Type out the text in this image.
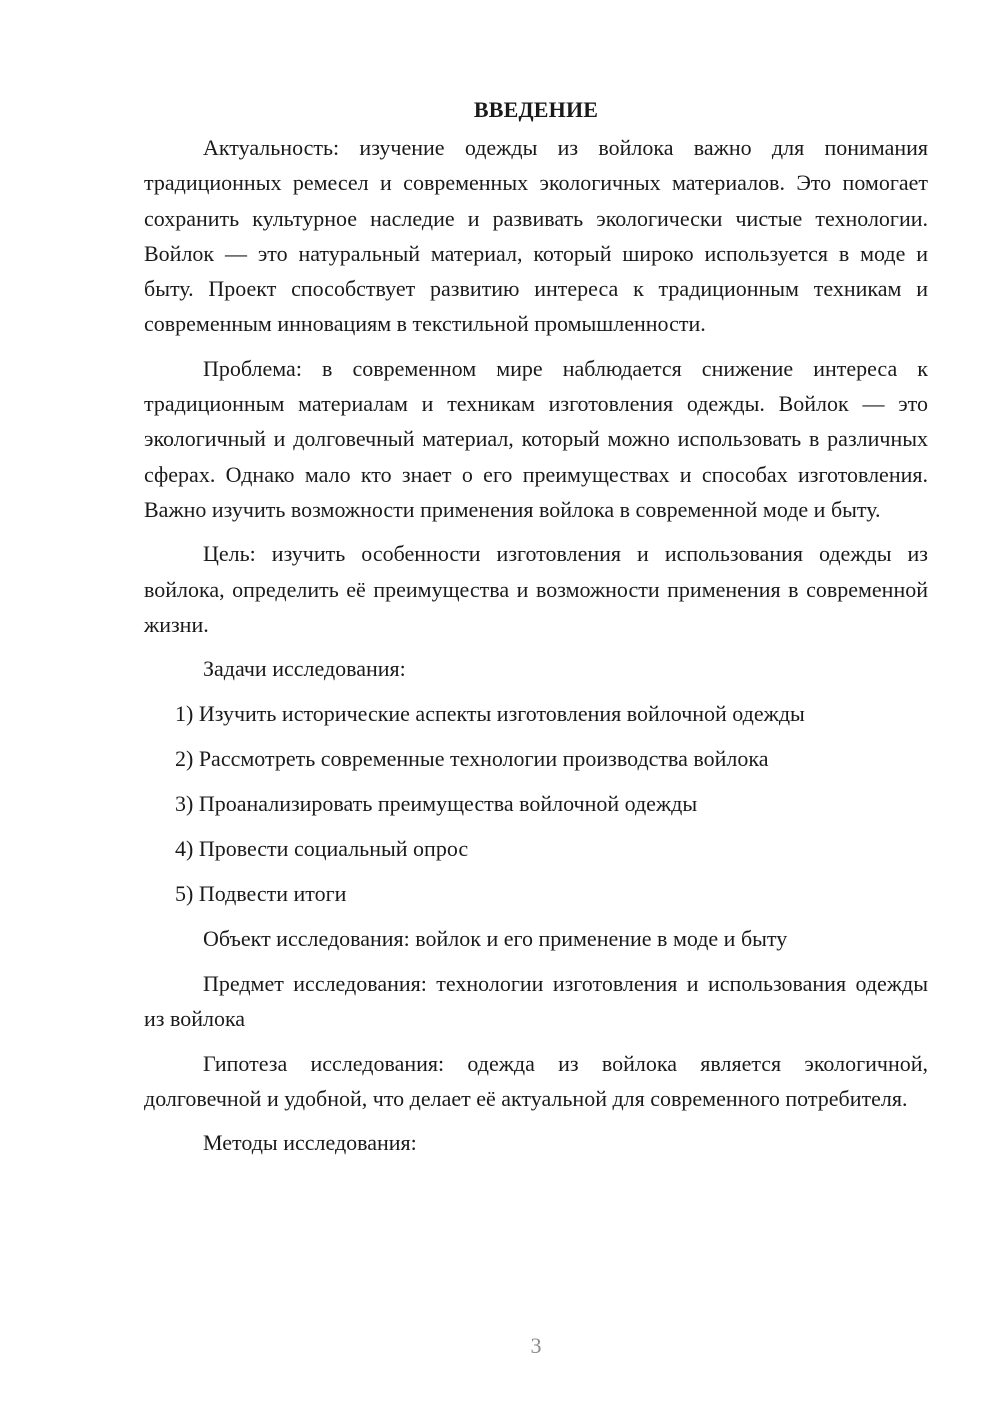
ВВЕДЕНИЕ

Актуальность: изучение одежды из войлока важно для понимания традиционных ремесел и современных экологичных материалов. Это помогает сохранить культурное наследие и развивать экологически чистые технологии. Войлок — это натуральный материал, который широко используется в моде и быту. Проект способствует развитию интереса к традиционным техникам и современным инновациям в текстильной промышленности.

Проблема: в современном мире наблюдается снижение интереса к традиционным материалам и техникам изготовления одежды. Войлок — это экологичный и долговечный материал, который можно использовать в различных сферах. Однако мало кто знает о его преимуществах и способах изготовления. Важно изучить возможности применения войлока в современной моде и быту.

Цель: изучить особенности изготовления и использования одежды из войлока, определить её преимущества и возможности применения в современной жизни.

Задачи исследования:

1) Изучить исторические аспекты изготовления войлочной одежды

2) Рассмотреть современные технологии производства войлока

3) Проанализировать преимущества войлочной одежды

4) Провести социальный опрос

5) Подвести итоги

Объект исследования: войлок и его применение в моде и быту

Предмет исследования: технологии изготовления и использования одежды из войлока

Гипотеза исследования: одежда из войлока является экологичной, долговечной и удобной, что делает её актуальной для современного потребителя.

Методы исследования:

3
